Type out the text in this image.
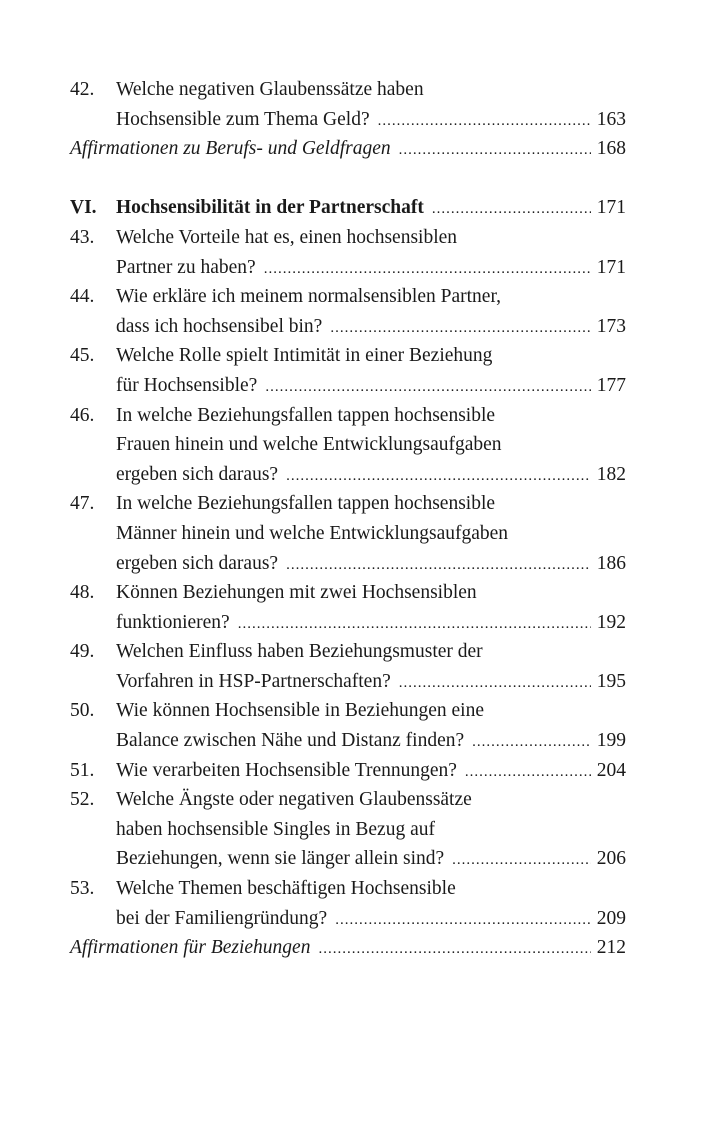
42.	Welche negativen Glaubenssätze haben
Hochsensible zum Thema Geld? .....	163
Affirmationen zu Berufs- und Geldfragen .....	168
VI. Hochsensibilität in der Partnerschaft .....	171
43.	Welche Vorteile hat es, einen hochsensiblen
Partner zu haben? .....	171
44.	Wie erkläre ich meinem normalsensiblen Partner,
dass ich hochsensibel bin? .....	173
45.	Welche Rolle spielt Intimität in einer Beziehung
für Hochsensible? .....	177
46.	In welche Beziehungsfallen tappen hochsensible
Frauen hinein und welche Entwicklungsaufgaben
ergeben sich daraus? .....	182
47.	In welche Beziehungsfallen tappen hochsensible
Männer hinein und welche Entwicklungsaufgaben
ergeben sich daraus? .....	186
48.	Können Beziehungen mit zwei Hochsensiblen
funktionieren? .....	192
49.	Welchen Einfluss haben Beziehungsmuster der
Vorfahren in HSP-Partnerschaften? .....	195
50.	Wie können Hochsensible in Beziehungen eine
Balance zwischen Nähe und Distanz finden? .....	199
51.	Wie verarbeiten Hochsensible Trennungen? .....	204
52.	Welche Ängste oder negativen Glaubenssätze
haben hochsensible Singles in Bezug auf
Beziehungen, wenn sie länger allein sind? .....	206
53.	Welche Themen beschäftigen Hochsensible
bei der Familiengründung? .....	209
Affirmationen für Beziehungen .....	212
